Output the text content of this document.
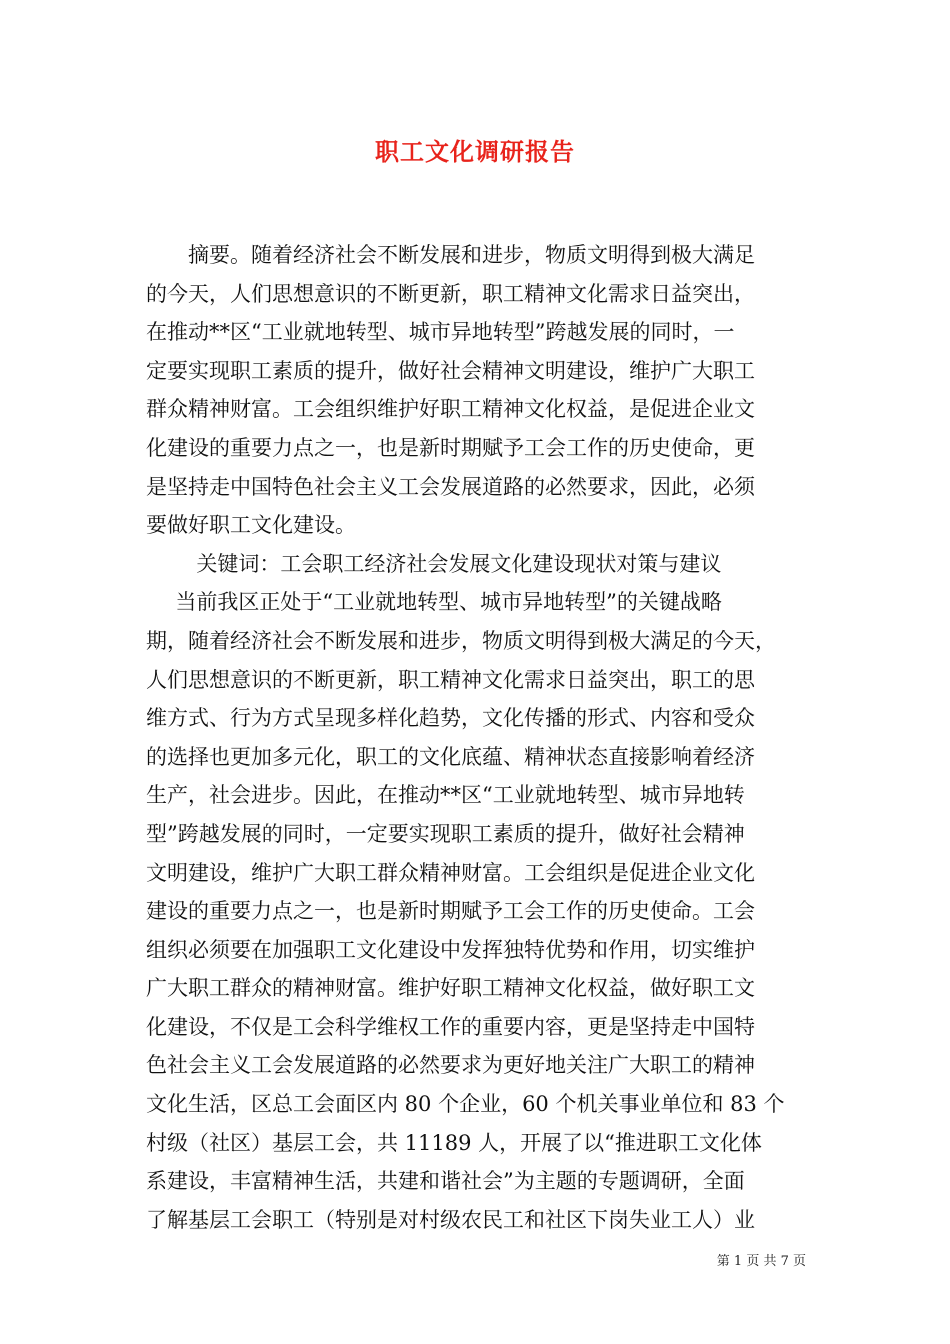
职工文化调研报告
摘要。随着经济社会不断发展和进步，物质文明得到极大满足
的今天，人们思想意识的不断更新，职工精神文化需求日益突出，
在推动**区“工业就地转型、城市异地转型”跨越发展的同时，一
定要实现职工素质的提升，做好社会精神文明建设，维护广大职工
群众精神财富。工会组织维护好职工精神文化权益，是促进企业文
化建设的重要力点之一，也是新时期赋予工会工作的历史使命，更
是坚持走中国特色社会主义工会发展道路的必然要求，因此，必须
要做好职工文化建设。
关键词：工会职工经济社会发展文化建设现状对策与建议
当前我区正处于“工业就地转型、城市异地转型”的关键战略
期，随着经济社会不断发展和进步，物质文明得到极大满足的今天，
人们思想意识的不断更新，职工精神文化需求日益突出，职工的思
维方式、行为方式呈现多样化趋势，文化传播的形式、内容和受众
的选择也更加多元化，职工的文化底蕴、精神状态直接影响着经济
生产，社会进步。因此，在推动**区“工业就地转型、城市异地转
型”跨越发展的同时，一定要实现职工素质的提升，做好社会精神
文明建设，维护广大职工群众精神财富。工会组织是促进企业文化
建设的重要力点之一，也是新时期赋予工会工作的历史使命。工会
组织必须要在加强职工文化建设中发挥独特优势和作用，切实维护
广大职工群众的精神财富。维护好职工精神文化权益，做好职工文
化建设，不仅是工会科学维权工作的重要内容，更是坚持走中国特
色社会主义工会发展道路的必然要求为更好地关注广大职工的精神
文化生活，区总工会面区内 80 个企业，60 个机关事业单位和 83 个
村级（社区）基层工会，共 11189 人，开展了以“推进职工文化体
系建设，丰富精神生活，共建和谐社会”为主题的专题调研，全面
了解基层工会职工（特别是对村级农民工和社区下岗失业工人）业
第 1 页 共 7 页
